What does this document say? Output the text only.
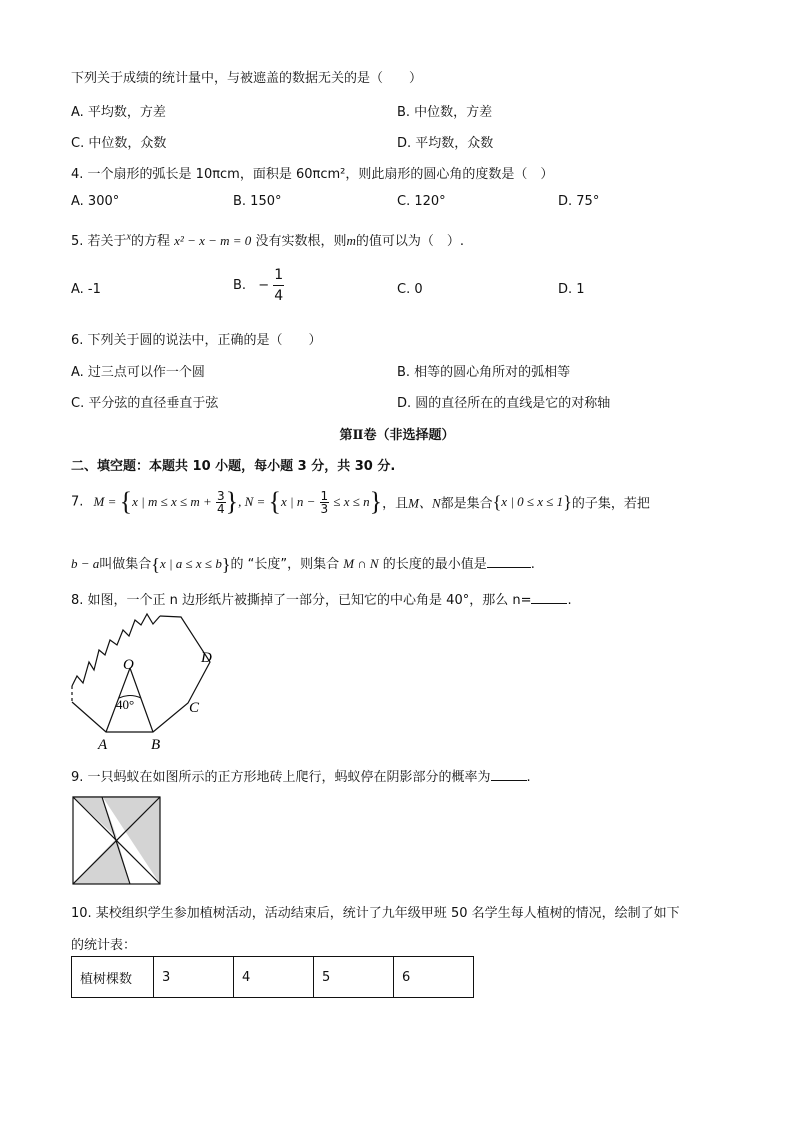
下列关于成绩的统计量中，与被遮盖的数据无关的是（　　）
A. 平均数，方差	B. 中位数，方差
C. 中位数，众数	D. 平均数，众数
4. 一个扇形的弧长是 10πcm，面积是 60πcm²，则此扇形的圆心角的度数是（　）
A. 300°	B. 150°	C. 120°	D. 75°
5. 若关于$^x$的方程 x² − x − m = 0 没有实数根，则m的值可以为（　）.
A. -1	B. − $\frac{1}{4}$	C. 0	D. 1
6. 下列关于圆的说法中，正确的是（　　）
A. 过三点可以作一个圆	B. 相等的圆心角所对的弧相等
C. 平分弦的直径垂直于弦	D. 圆的直径所在的直线是它的对称轴
第Ⅱ卷（非选择题）
二、填空题：本题共 10 小题，每小题 3 分，共 30 分.
7. M = {x | $m \le x \le m + \frac{3}{4}$ }, N = {x | $n - \frac{1}{3} \le x \le n$}，且M、N都是集合{x | 0 ≤ x ≤ 1}的子集，若把
b − a叫做集合{x | a ≤ x ≤ b}的 “长度”，则集合 M ∩ N 的长度的最小值是	.
8. 如图，一个正 n 边形纸片被撕掉了一部分，已知它的中心角是 40°，那么 n=	.
O
40°
A	B
C
D
9. 一只蚂蚁在如图所示的正方形地砖上爬行，蚂蚁停在阴影部分的概率为	.
10. 某校组织学生参加植树活动，活动结束后，统计了九年级甲班 50 名学生每人植树的情况，绘制了如下
的统计表：
植树棵数	3	4	5	6
